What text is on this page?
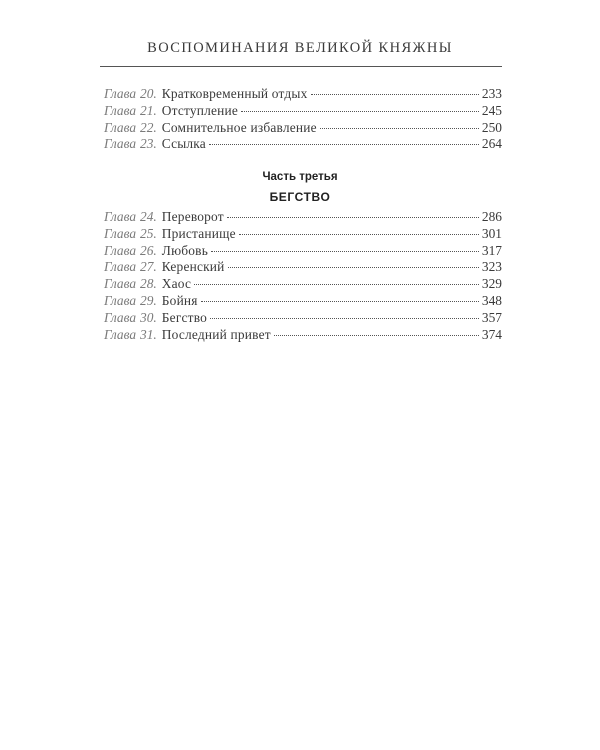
ВОСПОМИНАНИЯ ВЕЛИКОЙ КНЯЖНЫ
Глава 20. Кратковременный отдых	233
Глава 21. Отступление	245
Глава 22. Сомнительное избавление	250
Глава 23. Ссылка	264
Часть третья
БЕГСТВО
Глава 24. Переворот	286
Глава 25. Пристанище	301
Глава 26. Любовь	317
Глава 27. Керенский	323
Глава 28. Хаос	329
Глава 29. Бойня	348
Глава 30. Бегство	357
Глава 31. Последний привет	374
